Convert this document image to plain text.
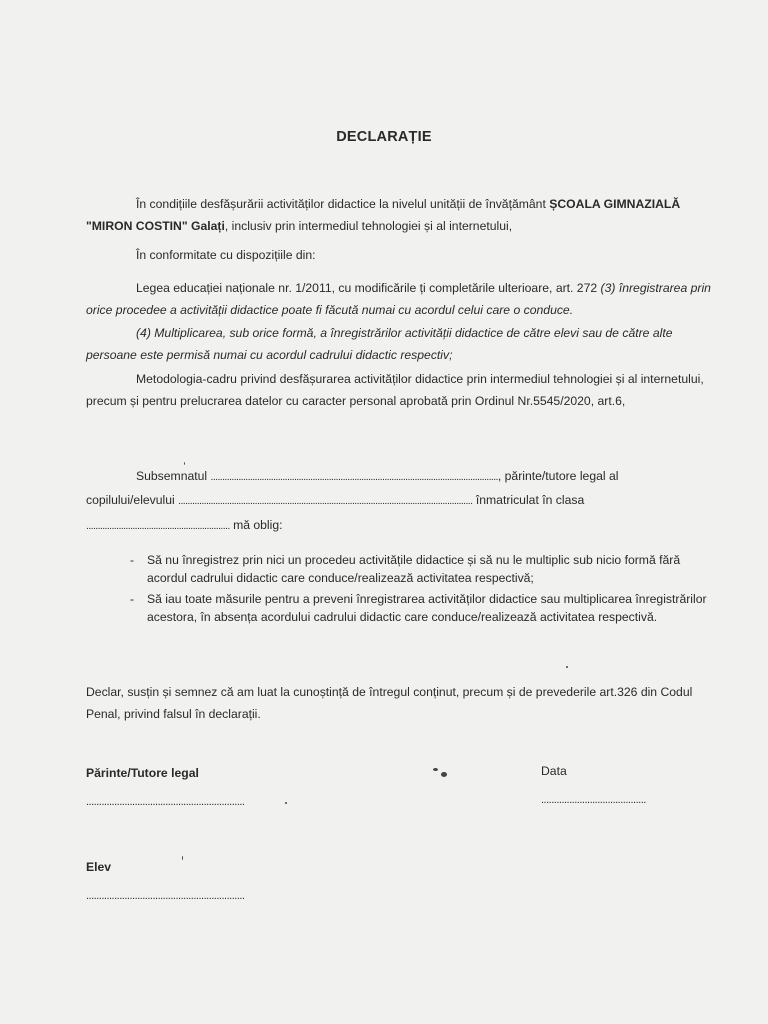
DECLARAȚIE

În condițiile desfășurării activităților didactice la nivelul unității de învățământ ȘCOALA GIMNAZIALĂ "MIRON COSTIN" Galați, inclusiv prin intermediul tehnologiei și al internetului,

În conformitate cu dispozițiile din:

Legea educației naționale nr. 1/2011, cu modificările ți completările ulterioare, art. 272 (3) înregistrarea prin orice procedee a activității didactice poate fi făcută numai cu acordul celui care o conduce.

(4) Multiplicarea, sub orice formă, a înregistrărilor activității didactice de către elevi sau de către alte persoane este permisă numai cu acordul cadrului didactic respectiv;

Metodologia-cadru privind desfășurarea activităților didactice prin intermediul tehnologiei și al internetului, precum și pentru prelucrarea datelor cu caracter personal aprobată prin Ordinul Nr.5545/2020, art.6,

Subsemnatul ............................................................................................................................, părinte/tutore legal al
copilului/elevului ............................................................................................................................... înmatriculat în clasa
.............................................................. mă oblig:
- Să nu înregistrez prin nici un procedeu activitățile didactice și să nu le multiplic sub nicio formă fără acordul cadrului didactic care conduce/realizează activitatea respectivă;
- Să iau toate măsurile pentru a preveni înregistrarea activităților didactice sau multiplicarea înregistrărilor acestora, în absența acordului cadrului didactic care conduce/realizează activitatea respectivă.

Declar, susțin și semnez că am luat la cunoștință de întregul conținut, precum și de prevederile art.326 din Codul Penal, privind falsul în declarații.

Părinte/Tutore legal
..............................................................
Data
.........................................
Elev
..............................................................
